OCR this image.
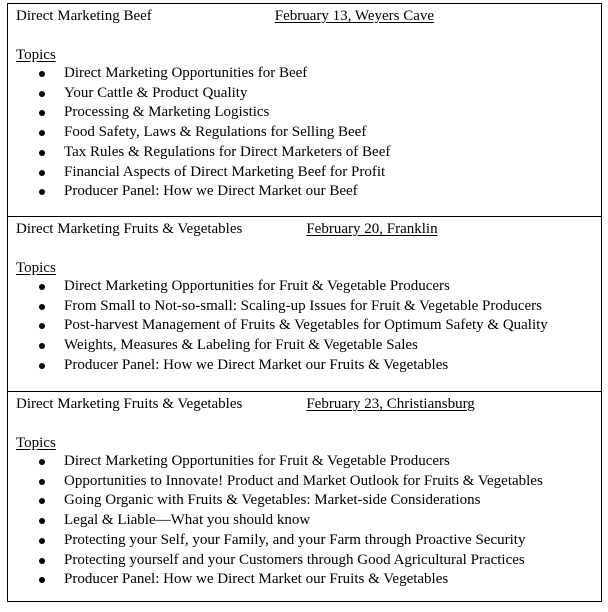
Direct Marketing Beef	February 13, Weyers Cave
Topics
Direct Marketing Opportunities for Beef
Your Cattle & Product Quality
Processing & Marketing Logistics
Food Safety, Laws & Regulations for Selling Beef
Tax Rules & Regulations for Direct Marketers of Beef
Financial Aspects of Direct Marketing Beef for Profit
Producer Panel: How we Direct Market our Beef
Direct Marketing Fruits & Vegetables	February 20, Franklin
Topics
Direct Marketing Opportunities for Fruit & Vegetable Producers
From Small to Not-so-small: Scaling-up Issues for Fruit & Vegetable Producers
Post-harvest Management of Fruits & Vegetables for Optimum Safety & Quality
Weights, Measures & Labeling for Fruit & Vegetable Sales
Producer Panel: How we Direct Market our Fruits & Vegetables
Direct Marketing Fruits & Vegetables	February 23, Christiansburg
Topics
Direct Marketing Opportunities for Fruit & Vegetable Producers
Opportunities to Innovate! Product and Market Outlook for Fruits & Vegetables
Going Organic with Fruits & Vegetables: Market-side Considerations
Legal & Liable—What you should know
Protecting your Self, your Family, and your Farm through Proactive Security
Protecting yourself and your Customers through Good Agricultural Practices
Producer Panel: How we Direct Market our Fruits & Vegetables
